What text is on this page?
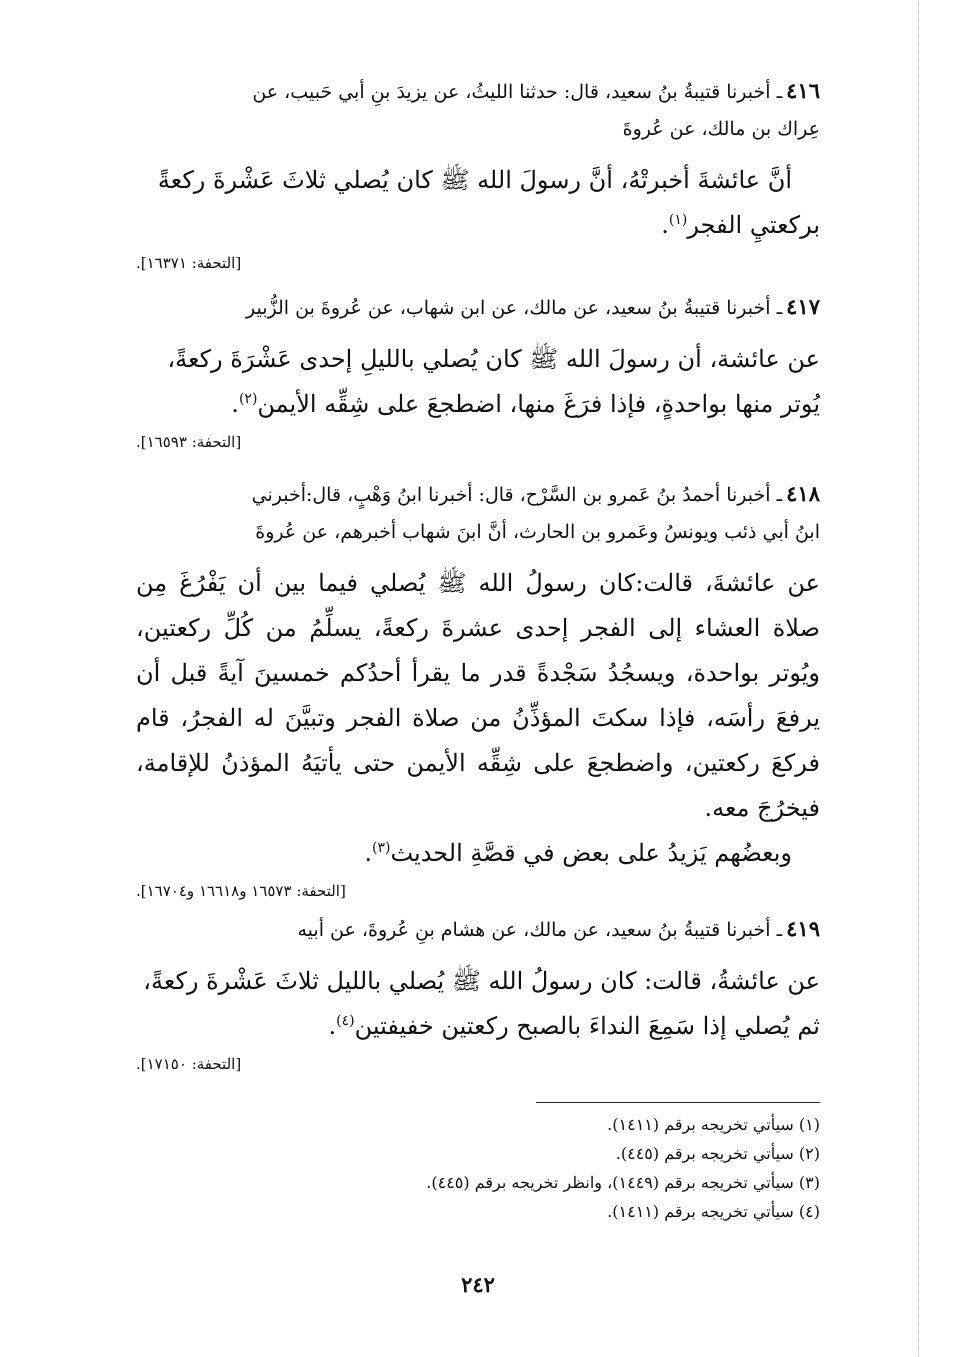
٤١٦ـ أخبرنا قتيبةُ بنُ سعيد، قال: حدثنا الليثُ، عن يزيدَ بنِ أبي حَبيب، عن
عِراك بن مالك، عن عُروةَ

أنَّ عائشةَ أخبرتْهُ، أنَّ رسولَ الله ﷺ كان يُصلي ثلاثَ عَشْرةَ ركعةً

بركعتيِ الفجر$^{(١)}$.

[التحفة: ١٦٣٧١].

٤١٧ـ أخبرنا قتيبةُ بنُ سعيد، عن مالك، عن ابن شهاب، عن عُروةَ بن الزُّبير

عن عائشة، أن رسولَ الله ﷺ كان يُصلي بالليلِ إحدى عَشْرَةَ ركعةً،

يُوتر منها بواحدةٍ، فإذا فرَغَ منها، اضطجعَ على شِقِّه الأيمن$^{(٢)}$.

[التحفة: ١٦٥٩٣].

٤١٨ـ أخبرنا أحمدُ بنُ عَمرو بن السَّرْح، قال: أخبرنا ابنُ وَهْبٍ، قال:أخبرني
ابنُ أبي ذئب ويونسُ وعَمرو بن الحارث، أنَّ ابنَ شهاب أخبرهم، عن عُروةَ

عن عائشةَ، قالت:كان رسولُ الله ﷺ يُصلي فيما بين أن يَفْرُغَ مِن صلاة العشاء إلى الفجر إحدى عشرةَ ركعةً، يسلِّمُ من كُلِّ ركعتين، ويُوتر بواحدة، ويسجُدُ سَجْدةً قدر ما يقرأ أحدُكم خمسينَ آيةً قبل أن يرفعَ رأسَه، فإذا سكتَ المؤذِّنُ من صلاة الفجر وتبيَّنَ له الفجرُ، قام فركعَ ركعتين، واضطجعَ على شِقِّه الأيمن حتى يأتيَهُ المؤذنُ للإقامة، فيخرُجَ معه.

وبعضُهم يَزيدُ على بعض في قصَّةِ الحديث$^{(٣)}$.

[التحفة: ١٦٥٧٣ و١٦٦١٨ و١٦٧٠٤].

٤١٩ـ أخبرنا قتيبةُ بنُ سعيد، عن مالك، عن هشام بنِ عُروةَ، عن أبيه

عن عائشةُ، قالت: كان رسولُ الله ﷺ يُصلي بالليل ثلاثَ عَشْرةَ ركعةً،

ثم يُصلي إذا سَمِعَ النداءَ بالصبح ركعتين خفيفتين$^{(٤)}$.

[التحفة: ١٧١٥٠].

(١) سيأتي تخريجه برقم (١٤١١).

(٢) سيأتي تخريجه برقم (٤٤٥).

(٣) سيأتي تخريجه برقم (١٤٤٩)، وانظر تخريجه برقم (٤٤٥).

(٤) سيأتي تخريجه برقم (١٤١١).

٢٤٢
